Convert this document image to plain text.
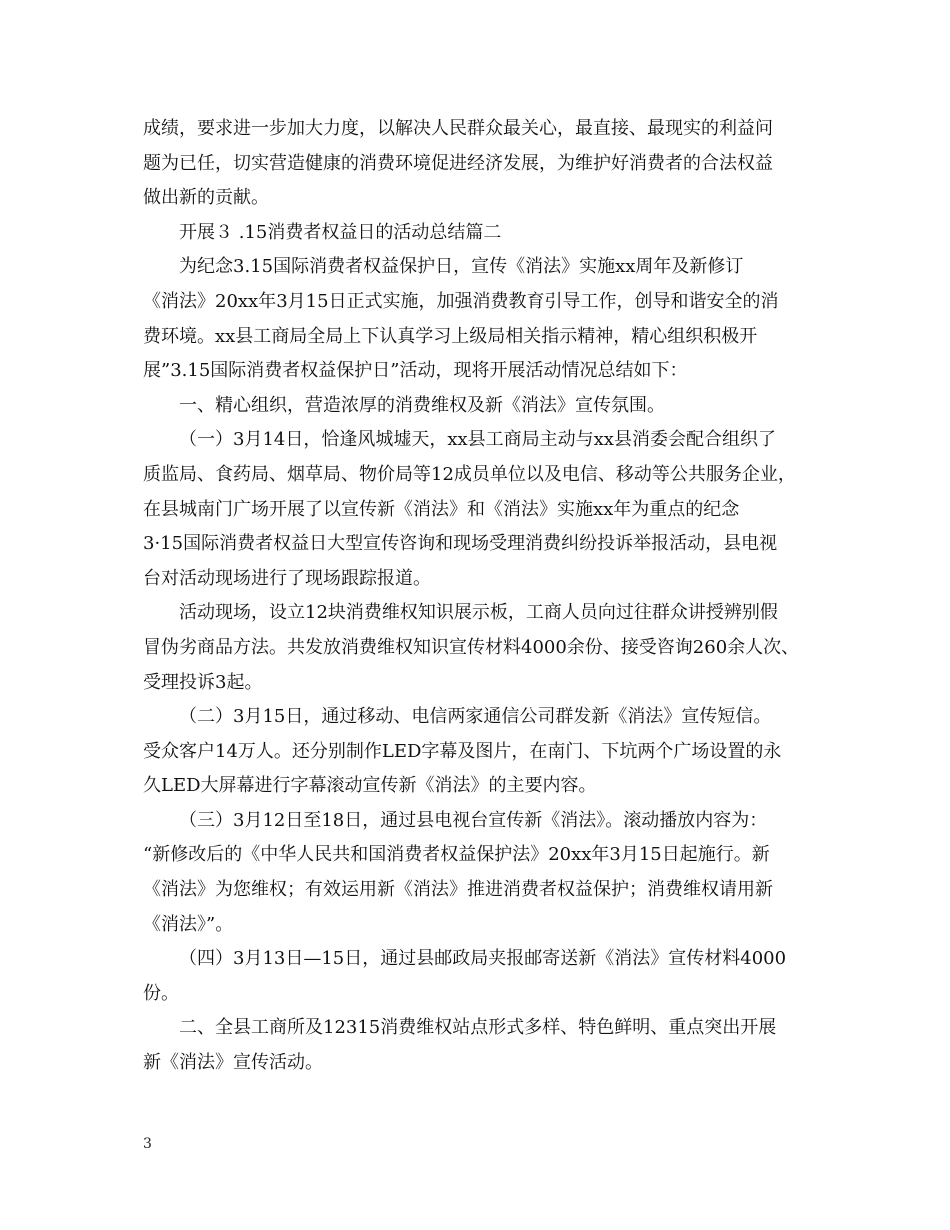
成绩，要求进一步加大力度，以解决人民群众最关心，最直接、最现实的利益问
题为已任，切实营造健康的消费环境促进经济发展，为维护好消费者的合法权益
做出新的贡献。
开展３ .15消费者权益日的活动总结篇二
为纪念3.15国际消费者权益保护日，宣传《消法》实施xx周年及新修订
《消法》20xx年3月15日正式实施，加强消费教育引导工作，创导和谐安全的消
费环境。xx县工商局全局上下认真学习上级局相关指示精神，精心组织积极开
展”3.15国际消费者权益保护日”活动，现将开展活动情况总结如下：
一、精心组织，营造浓厚的消费维权及新《消法》宣传氛围。
（一）3月14日，恰逢风城墟天，xx县工商局主动与xx县消委会配合组织了
质监局、食药局、烟草局、物价局等12成员单位以及电信、移动等公共服务企业，
在县城南门广场开展了以宣传新《消法》和《消法》实施xx年为重点的纪念
3·15国际消费者权益日大型宣传咨询和现场受理消费纠纷投诉举报活动，县电视
台对活动现场进行了现场跟踪报道。
活动现场，设立12块消费维权知识展示板，工商人员向过往群众讲授辨别假
冒伪劣商品方法。共发放消费维权知识宣传材料4000余份、接受咨询260余人次、
受理投诉3起。
（二）3月15日，通过移动、电信两家通信公司群发新《消法》宣传短信。
受众客户14万人。还分别制作LED字幕及图片，在南门、下坑两个广场设置的永
久LED大屏幕进行字幕滚动宣传新《消法》的主要内容。
（三）3月12日至18日，通过县电视台宣传新《消法》。滚动播放内容为：
“新修改后的《中华人民共和国消费者权益保护法》20xx年3月15日起施行。新
《消法》为您维权；有效运用新《消法》推进消费者权益保护；消费维权请用新
《消法》”。
（四）3月13日—15日，通过县邮政局夹报邮寄送新《消法》宣传材料4000
份。
二、全县工商所及12315消费维权站点形式多样、特色鲜明、重点突出开展
新《消法》宣传活动。
3
